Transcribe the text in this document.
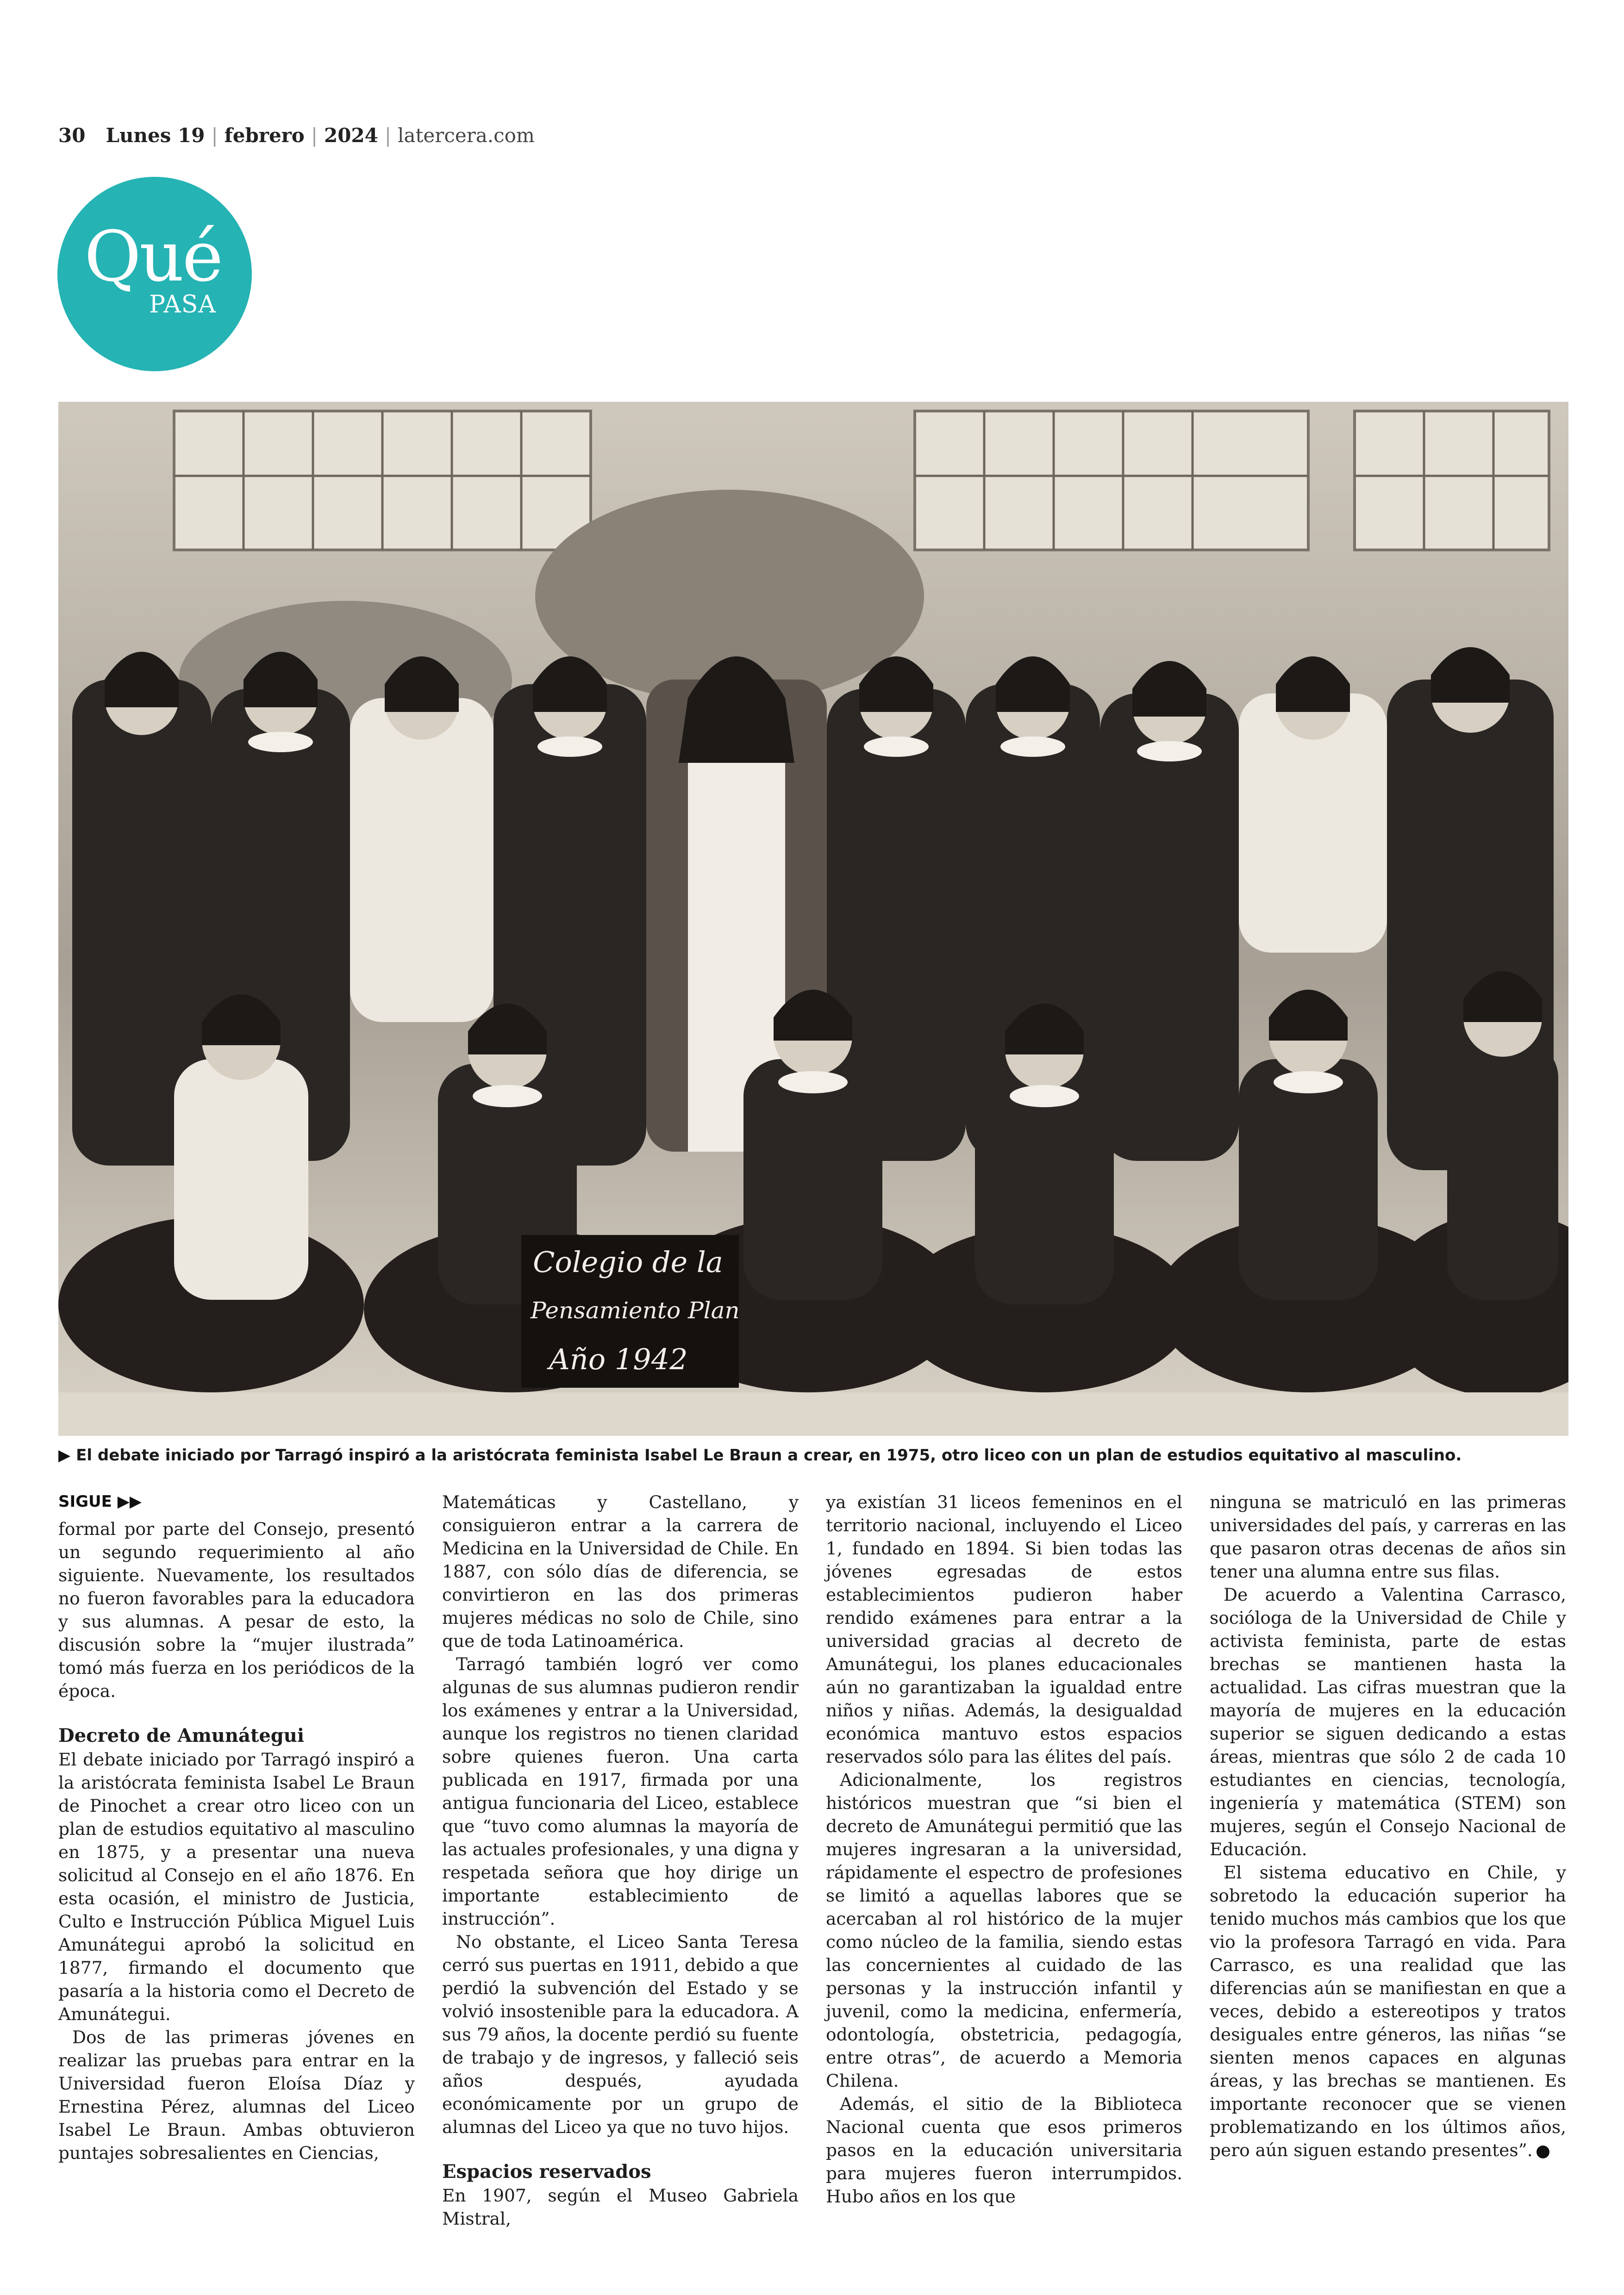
30 Lunes 19 | febrero | 2024 | latercera.com
Qué
PASA
Colegio de la
Pensamiento Plan
Año 1942
▶ El debate iniciado por Tarragó inspiró a la aristócrata feminista Isabel Le Braun a crear, en 1975, otro liceo con un plan de estudios equitativo al masculino.
SIGUE ▶▶

formal por parte del Consejo, presentó un segundo requerimiento al año siguiente. Nuevamente, los resultados no fueron favorables para la educadora y sus alumnas. A pesar de esto, la discusión sobre la “mujer ilustrada” tomó más fuerza en los periódicos de la época.

Decreto de Amunátegui

El debate iniciado por Tarragó inspiró a la aristócrata feminista Isabel Le Braun de Pinochet a crear otro liceo con un plan de estudios equitativo al masculino en 1875, y a presentar una nueva solicitud al Consejo en el año 1876. En esta ocasión, el ministro de Justicia, Culto e Instrucción Pública Miguel Luis Amunátegui aprobó la solicitud en 1877, firmando el documento que pasaría a la historia como el Decreto de Amunátegui.

Dos de las primeras jóvenes en realizar las pruebas para entrar en la Universidad fueron Eloísa Díaz y Ernestina Pérez, alumnas del Liceo Isabel Le Braun. Ambas obtuvieron puntajes sobresalientes en Ciencias,

Matemáticas y Castellano, y consiguieron entrar a la carrera de Medicina en la Universidad de Chile. En 1887, con sólo días de diferencia, se convirtieron en las dos primeras mujeres médicas no solo de Chile, sino que de toda Latinoamérica.

Tarragó también logró ver como algunas de sus alumnas pudieron rendir los exámenes y entrar a la Universidad, aunque los registros no tienen claridad sobre quienes fueron. Una carta publicada en 1917, firmada por una antigua funcionaria del Liceo, establece que “tuvo como alumnas la mayoría de las actuales profesionales, y una digna y respetada señora que hoy dirige un importante establecimiento de instrucción”.

No obstante, el Liceo Santa Teresa cerró sus puertas en 1911, debido a que perdió la subvención del Estado y se volvió insostenible para la educadora. A sus 79 años, la docente perdió su fuente de trabajo y de ingresos, y falleció seis años después, ayudada económicamente por un grupo de alumnas del Liceo ya que no tuvo hijos.

Espacios reservados

En 1907, según el Museo Gabriela Mistral,

ya existían 31 liceos femeninos en el territorio nacional, incluyendo el Liceo 1, fundado en 1894. Si bien todas las jóvenes egresadas de estos establecimientos pudieron haber rendido exámenes para entrar a la universidad gracias al decreto de Amunátegui, los planes educacionales aún no garantizaban la igualdad entre niños y niñas. Además, la desigualdad económica mantuvo estos espacios reservados sólo para las élites del país.

Adicionalmente, los registros históricos muestran que “si bien el decreto de Amunátegui permitió que las mujeres ingresaran a la universidad, rápidamente el espectro de profesiones se limitó a aquellas labores que se acercaban al rol histórico de la mujer como núcleo de la familia, siendo estas las concernientes al cuidado de las personas y la instrucción infantil y juvenil, como la medicina, enfermería, odontología, obstetricia, pedagogía, entre otras”, de acuerdo a Memoria Chilena.

Además, el sitio de la Biblioteca Nacional cuenta que esos primeros pasos en la educación universitaria para mujeres fueron interrumpidos. Hubo años en los que

ninguna se matriculó en las primeras universidades del país, y carreras en las que pasaron otras decenas de años sin tener una alumna entre sus filas.

De acuerdo a Valentina Carrasco, socióloga de la Universidad de Chile y activista feminista, parte de estas brechas se mantienen hasta la actualidad. Las cifras muestran que la mayoría de mujeres en la educación superior se siguen dedicando a estas áreas, mientras que sólo 2 de cada 10 estudiantes en ciencias, tecnología, ingeniería y matemática (STEM) son mujeres, según el Consejo Nacional de Educación.

El sistema educativo en Chile, y sobretodo la educación superior ha tenido muchos más cambios que los que vio la profesora Tarragó en vida. Para Carrasco, es una realidad que las diferencias aún se manifiestan en que a veces, debido a estereotipos y tratos desiguales entre géneros, las niñas “se sienten menos capaces en algunas áreas, y las brechas se mantienen. Es importante reconocer que se vienen problematizando en los últimos años, pero aún siguen estando presentes”.
